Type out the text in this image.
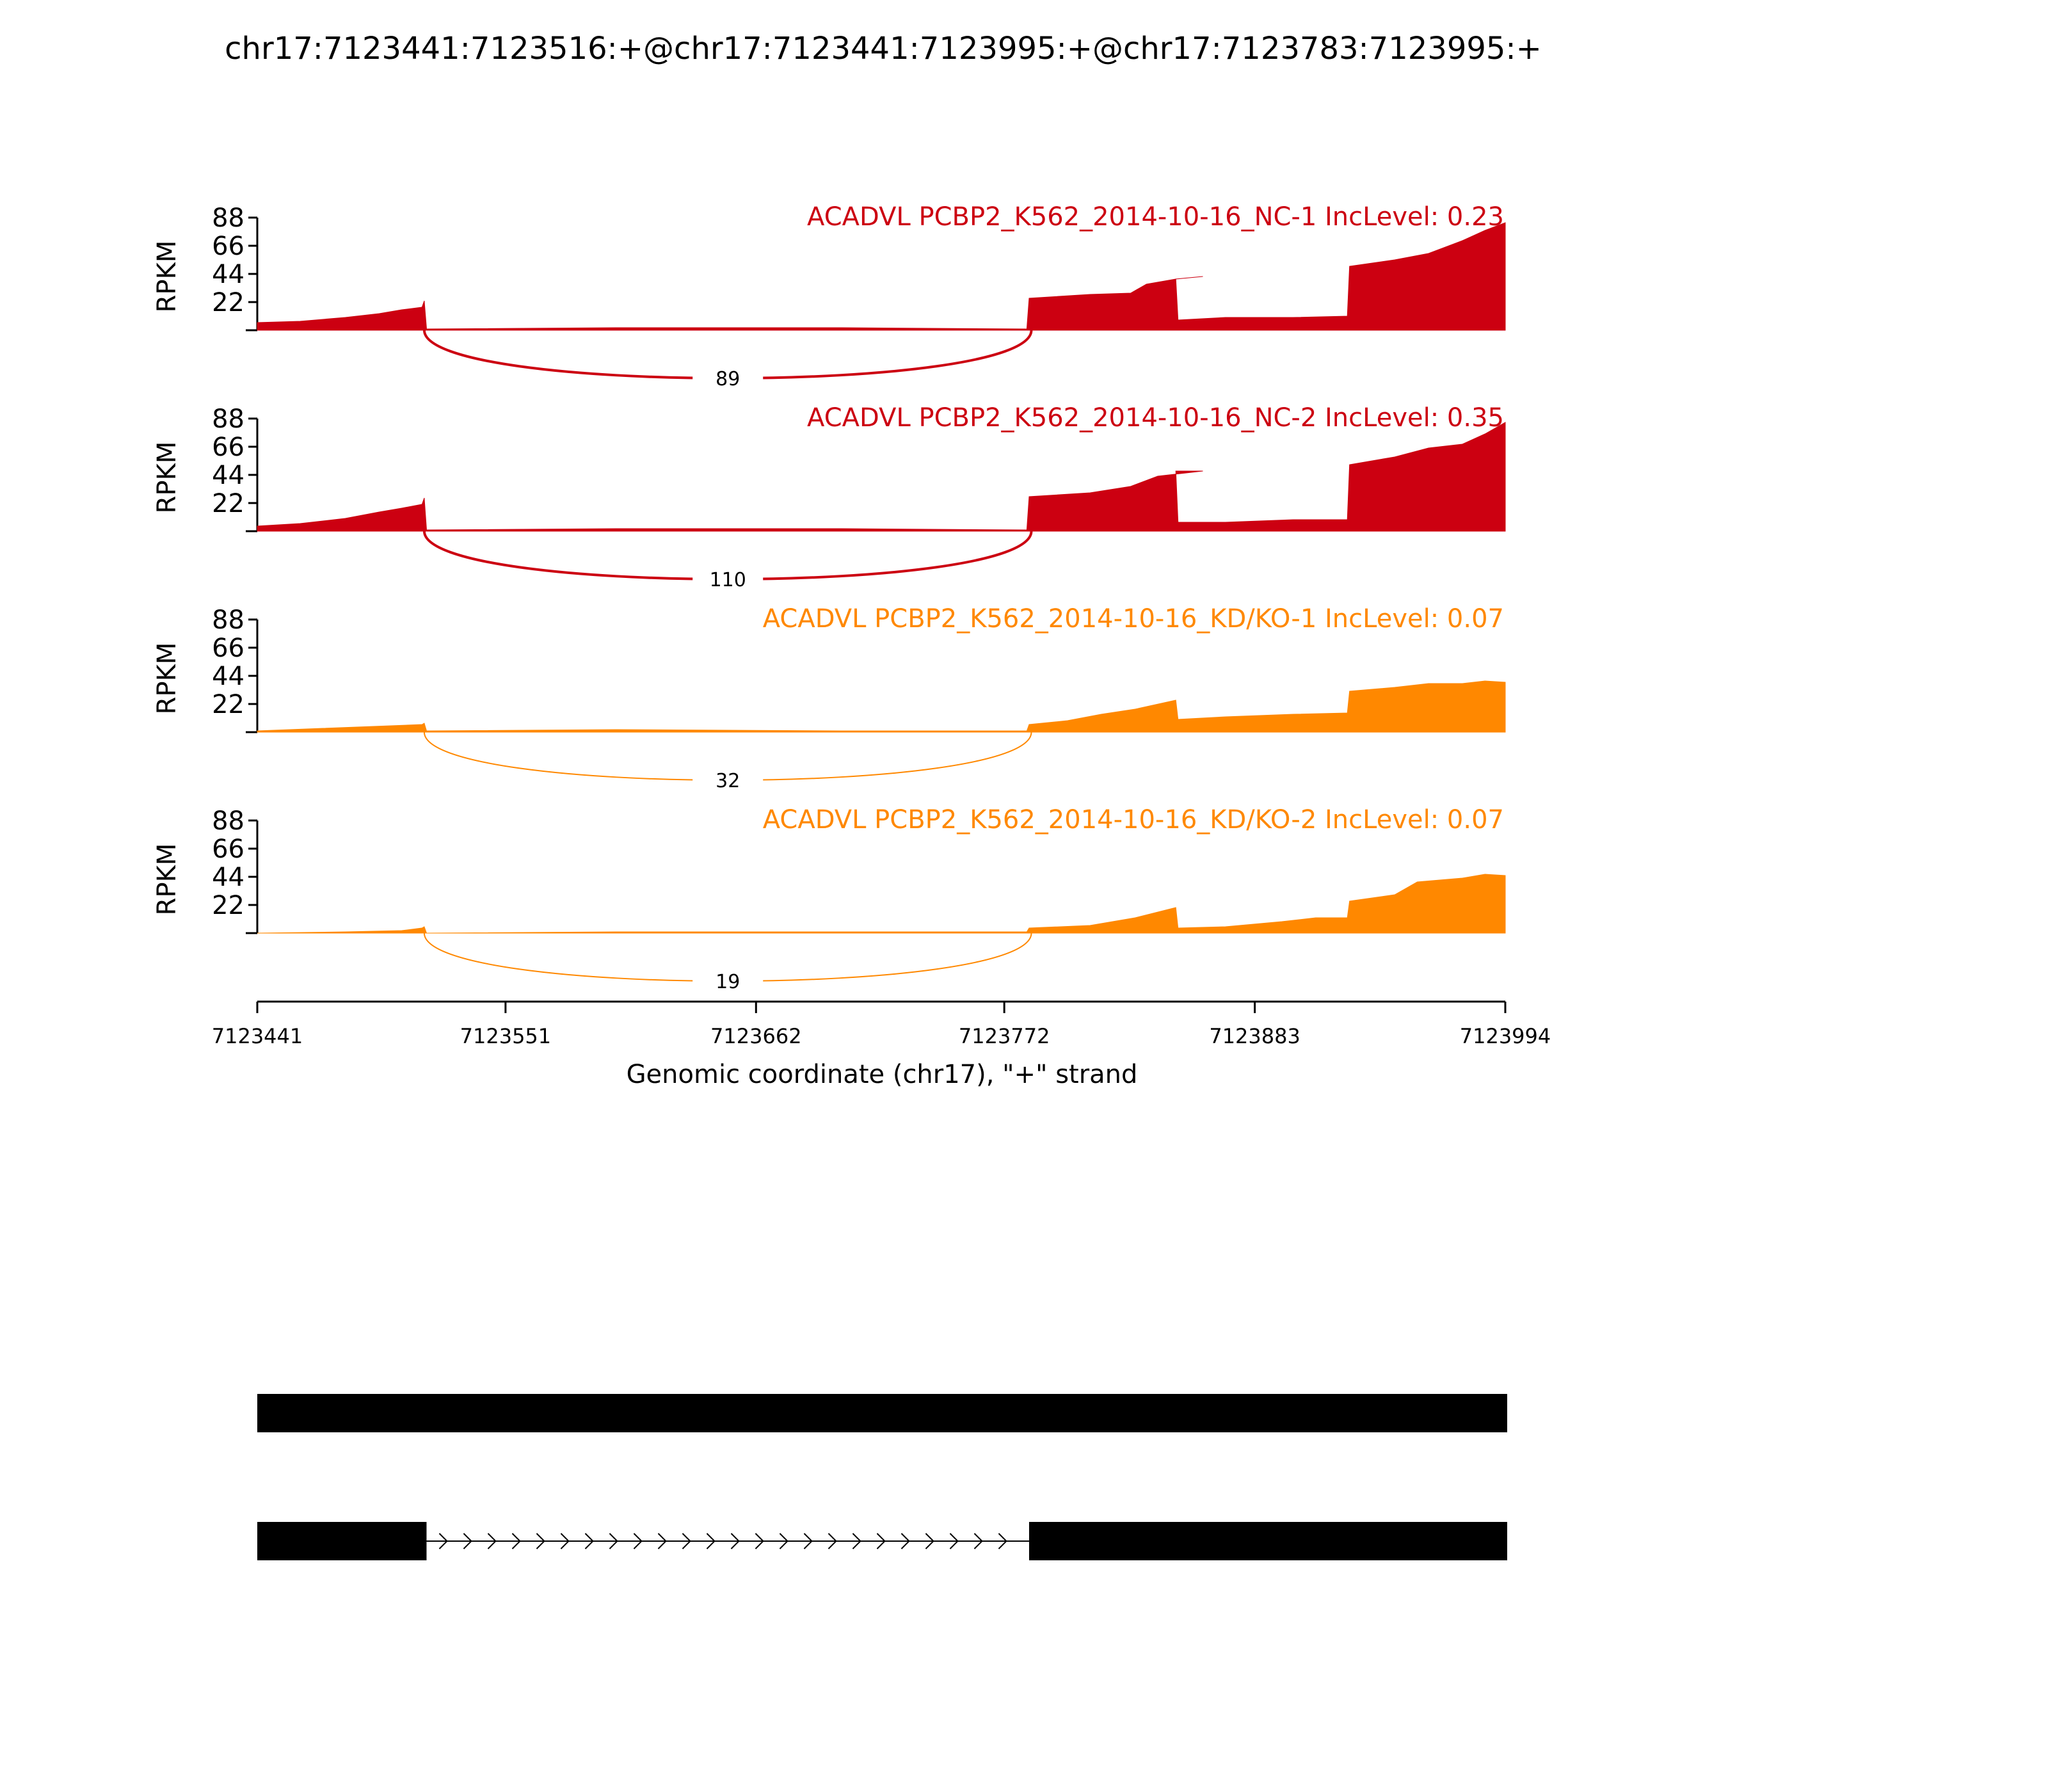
chr17:7123441:7123516:+@chr17:7123441:7123995:+@chr17:7123783:7123995:+
22
44
66
88
RPKM
ACADVL PCBP2_K562_2014-10-16_NC-1 IncLevel: 0.23
89
22
44
66
88
RPKM
ACADVL PCBP2_K562_2014-10-16_NC-2 IncLevel: 0.35
110
22
44
66
88
RPKM
ACADVL PCBP2_K562_2014-10-16_KD/KO-1 IncLevel: 0.07
32
22
44
66
88
RPKM
ACADVL PCBP2_K562_2014-10-16_KD/KO-2 IncLevel: 0.07
19
7123441	7123551	7123662	7123772	7123883	7123994
Genomic coordinate (chr17), "+" strand
